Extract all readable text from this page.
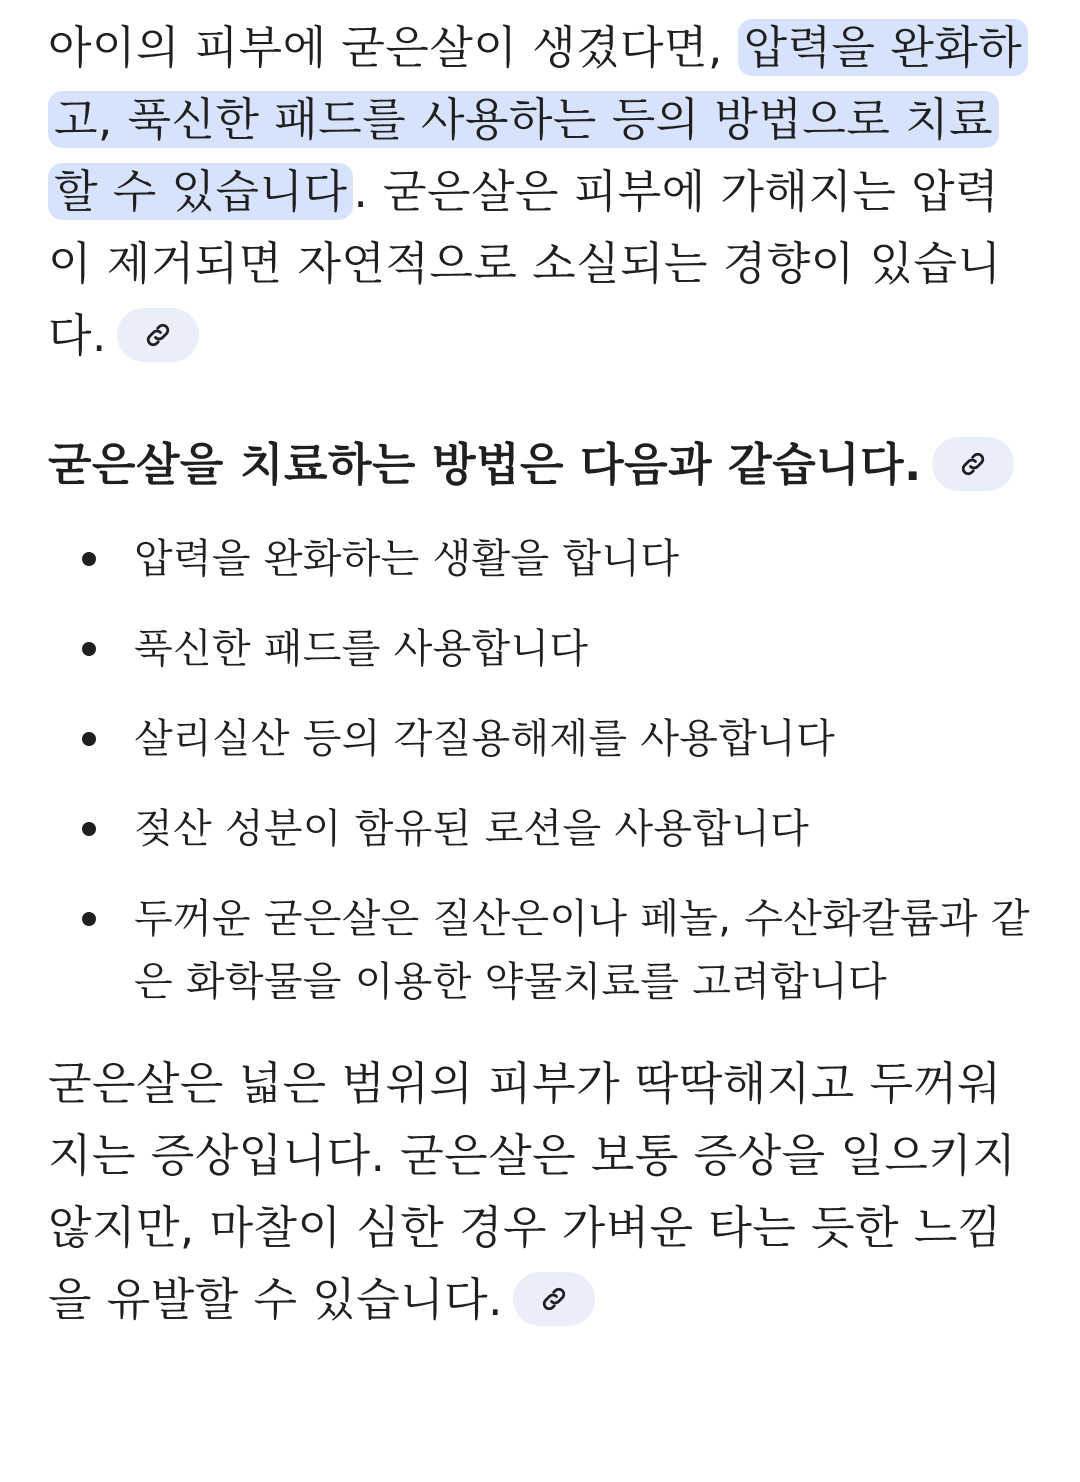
아이의 피부에 굳은살이 생겼다면, 압력을 완화하고, 푹신한 패드를 사용하는 등의 방법으로 치료할 수 있습니다 . 굳은살은 피부에 가해지는 압력이 제거되면 자연적으로 소실되는 경향이 있습니다.

굳은살을 치료하는 방법은 다음과 같습니다.
압력을 완화하는 생활을 합니다
푹신한 패드를 사용합니다
살리실산 등의 각질용해제를 사용합니다
젖산 성분이 함유된 로션을 사용합니다
두꺼운 굳은살은 질산은이나 페놀, 수산화칼륨과 같은 화학물을 이용한 약물치료를 고려합니다

굳은살은 넓은 범위의 피부가 딱딱해지고 두꺼워지는 증상입니다. 굳은살은 보통 증상을 일으키지 않지만, 마찰이 심한 경우 가벼운 타는 듯한 느낌을 유발할 수 있습니다.
